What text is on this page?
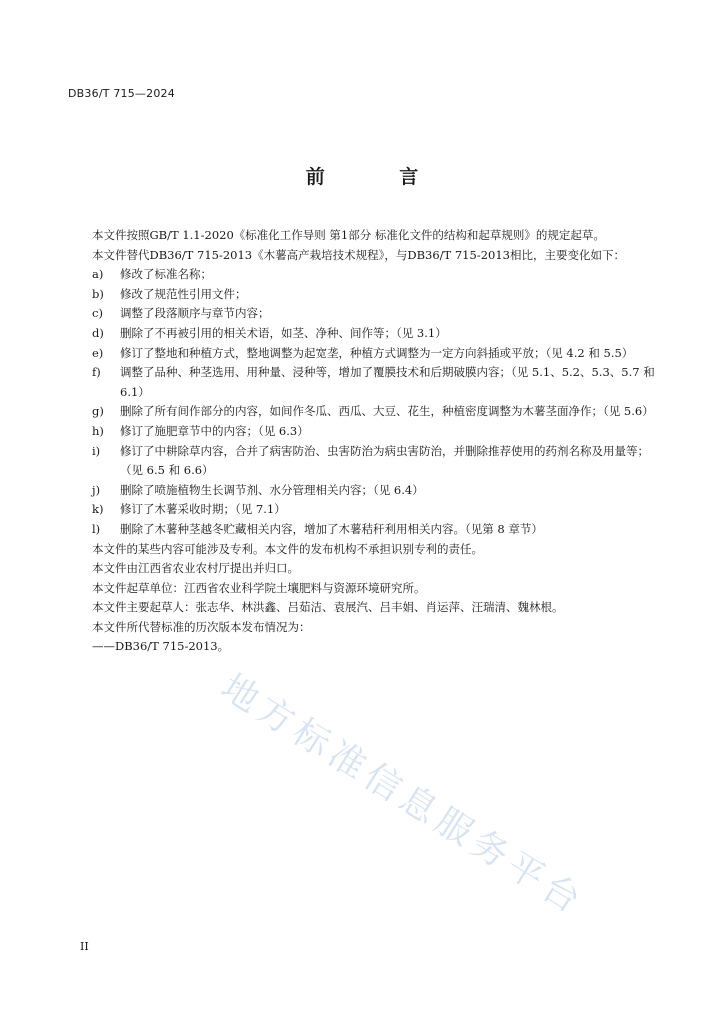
DB36/T 715—2024
前 言

本文件按照GB/T 1.1-2020《标准化工作导则 第1部分 标准化文件的结构和起草规则》的规定起草。

本文件替代DB36/T 715-2013《木薯高产栽培技术规程》，与DB36/T 715-2013相比，主要变化如下：

a)	修改了标准名称；
b)	修改了规范性引用文件；
c)	调整了段落顺序与章节内容；
d)	删除了不再被引用的相关术语，如茎、净种、间作等；（见 3.1）
e)	修订了整地和种植方式，整地调整为起宽垄，种植方式调整为一定方向斜插或平放；（见 4.2 和 5.5）
f)	调整了品种、种茎选用、用种量、浸种等，增加了覆膜技术和后期破膜内容；（见 5.1、5.2、5.3、5.7 和 6.1）
g)	删除了所有间作部分的内容，如间作冬瓜、西瓜、大豆、花生，种植密度调整为木薯茎面净作；（见 5.6）
h)	修订了施肥章节中的内容；（见 6.3）
i)	修订了中耕除草内容，合并了病害防治、虫害防治为病虫害防治，并删除推荐使用的药剂名称及用量等；（见 6.5 和 6.6）
j)	删除了喷施植物生长调节剂、水分管理相关内容；（见 6.4）
k)	修订了木薯采收时期；（见 7.1）
l)	删除了木薯种茎越冬贮藏相关内容，增加了木薯秸秆利用相关内容。（见第 8 章节）

本文件的某些内容可能涉及专利。本文件的发布机构不承担识别专利的责任。

本文件由江西省农业农村厅提出并归口。

本文件起草单位：江西省农业科学院土壤肥料与资源环境研究所。

本文件主要起草人：张志华、林洪鑫、吕茹洁、袁展汽、吕丰娟、肖运萍、汪瑞清、魏林根。

本文件所代替标准的历次版本发布情况为：

——DB36/T 715-2013。

地方标准信息服务平台
II
